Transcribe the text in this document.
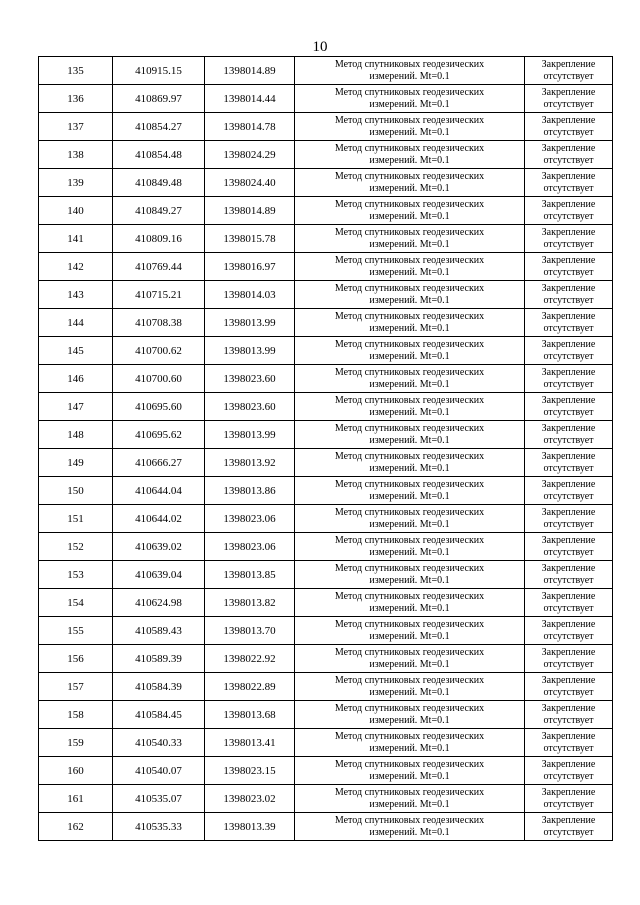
10
135	410915.15	1398014.89	Метод спутниковых геодезических
измерений. Mt=0.1	Закрепление
отсутствует

136	410869.97	1398014.44	Метод спутниковых геодезических
измерений. Mt=0.1	Закрепление
отсутствует

137	410854.27	1398014.78	Метод спутниковых геодезических
измерений. Mt=0.1	Закрепление
отсутствует

138	410854.48	1398024.29	Метод спутниковых геодезических
измерений. Mt=0.1	Закрепление
отсутствует

139	410849.48	1398024.40	Метод спутниковых геодезических
измерений. Mt=0.1	Закрепление
отсутствует

140	410849.27	1398014.89	Метод спутниковых геодезических
измерений. Mt=0.1	Закрепление
отсутствует

141	410809.16	1398015.78	Метод спутниковых геодезических
измерений. Mt=0.1	Закрепление
отсутствует

142	410769.44	1398016.97	Метод спутниковых геодезических
измерений. Mt=0.1	Закрепление
отсутствует

143	410715.21	1398014.03	Метод спутниковых геодезических
измерений. Mt=0.1	Закрепление
отсутствует

144	410708.38	1398013.99	Метод спутниковых геодезических
измерений. Mt=0.1	Закрепление
отсутствует

145	410700.62	1398013.99	Метод спутниковых геодезических
измерений. Mt=0.1	Закрепление
отсутствует

146	410700.60	1398023.60	Метод спутниковых геодезических
измерений. Mt=0.1	Закрепление
отсутствует

147	410695.60	1398023.60	Метод спутниковых геодезических
измерений. Mt=0.1	Закрепление
отсутствует

148	410695.62	1398013.99	Метод спутниковых геодезических
измерений. Mt=0.1	Закрепление
отсутствует

149	410666.27	1398013.92	Метод спутниковых геодезических
измерений. Mt=0.1	Закрепление
отсутствует

150	410644.04	1398013.86	Метод спутниковых геодезических
измерений. Mt=0.1	Закрепление
отсутствует

151	410644.02	1398023.06	Метод спутниковых геодезических
измерений. Mt=0.1	Закрепление
отсутствует

152	410639.02	1398023.06	Метод спутниковых геодезических
измерений. Mt=0.1	Закрепление
отсутствует

153	410639.04	1398013.85	Метод спутниковых геодезических
измерений. Mt=0.1	Закрепление
отсутствует

154	410624.98	1398013.82	Метод спутниковых геодезических
измерений. Mt=0.1	Закрепление
отсутствует

155	410589.43	1398013.70	Метод спутниковых геодезических
измерений. Mt=0.1	Закрепление
отсутствует

156	410589.39	1398022.92	Метод спутниковых геодезических
измерений. Mt=0.1	Закрепление
отсутствует

157	410584.39	1398022.89	Метод спутниковых геодезических
измерений. Mt=0.1	Закрепление
отсутствует

158	410584.45	1398013.68	Метод спутниковых геодезических
измерений. Mt=0.1	Закрепление
отсутствует

159	410540.33	1398013.41	Метод спутниковых геодезических
измерений. Mt=0.1	Закрепление
отсутствует

160	410540.07	1398023.15	Метод спутниковых геодезических
измерений. Mt=0.1	Закрепление
отсутствует

161	410535.07	1398023.02	Метод спутниковых геодезических
измерений. Mt=0.1	Закрепление
отсутствует

162	410535.33	1398013.39	Метод спутниковых геодезических
измерений. Mt=0.1	Закрепление
отсутствует
